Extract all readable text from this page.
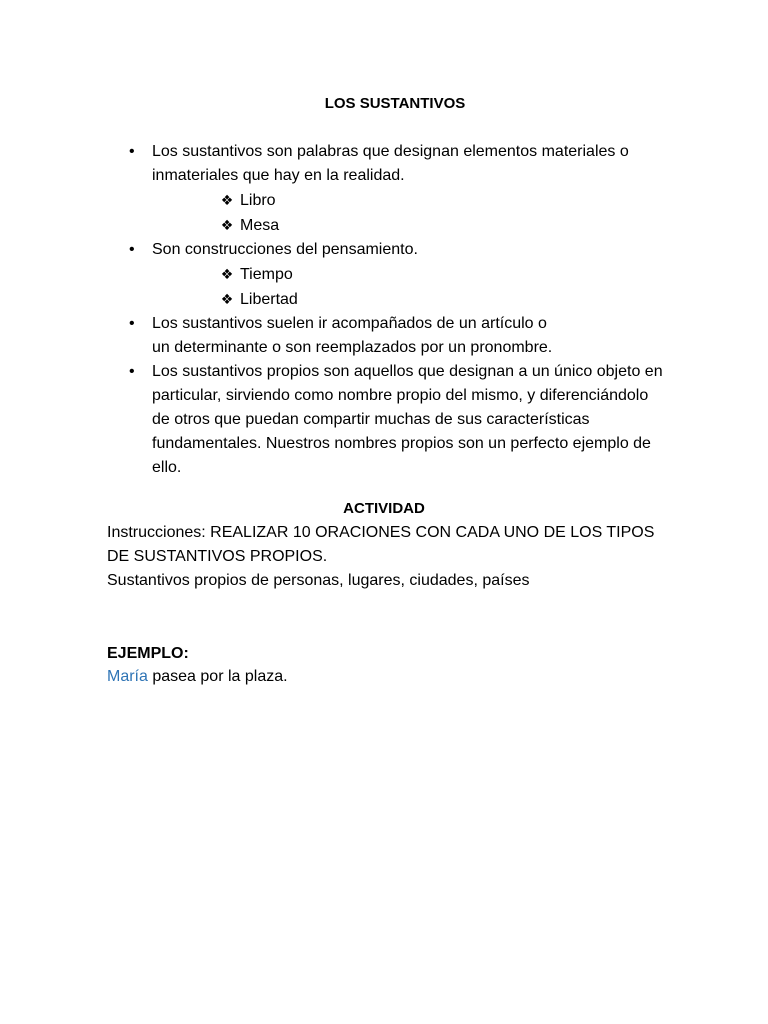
LOS SUSTANTIVOS
•	Los sustantivos son palabras que designan elementos materiales o inmateriales que hay en la realidad.
❖ Libro
❖ Mesa
•	Son construcciones del pensamiento.
❖ Tiempo
❖ Libertad
•	Los sustantivos suelen ir acompañados de un artículo o un determinante o son reemplazados por un pronombre.
•	Los sustantivos propios son aquellos que designan a un único objeto en particular, sirviendo como nombre propio del mismo, y diferenciándolo de otros que puedan compartir muchas de sus características fundamentales. Nuestros nombres propios son un perfecto ejemplo de ello.
ACTIVIDAD
Instrucciones: REALIZAR 10 ORACIONES CON CADA UNO DE LOS TIPOS DE SUSTANTIVOS PROPIOS.
Sustantivos propios de personas, lugares, ciudades, países
EJEMPLO:
María pasea por la plaza.
